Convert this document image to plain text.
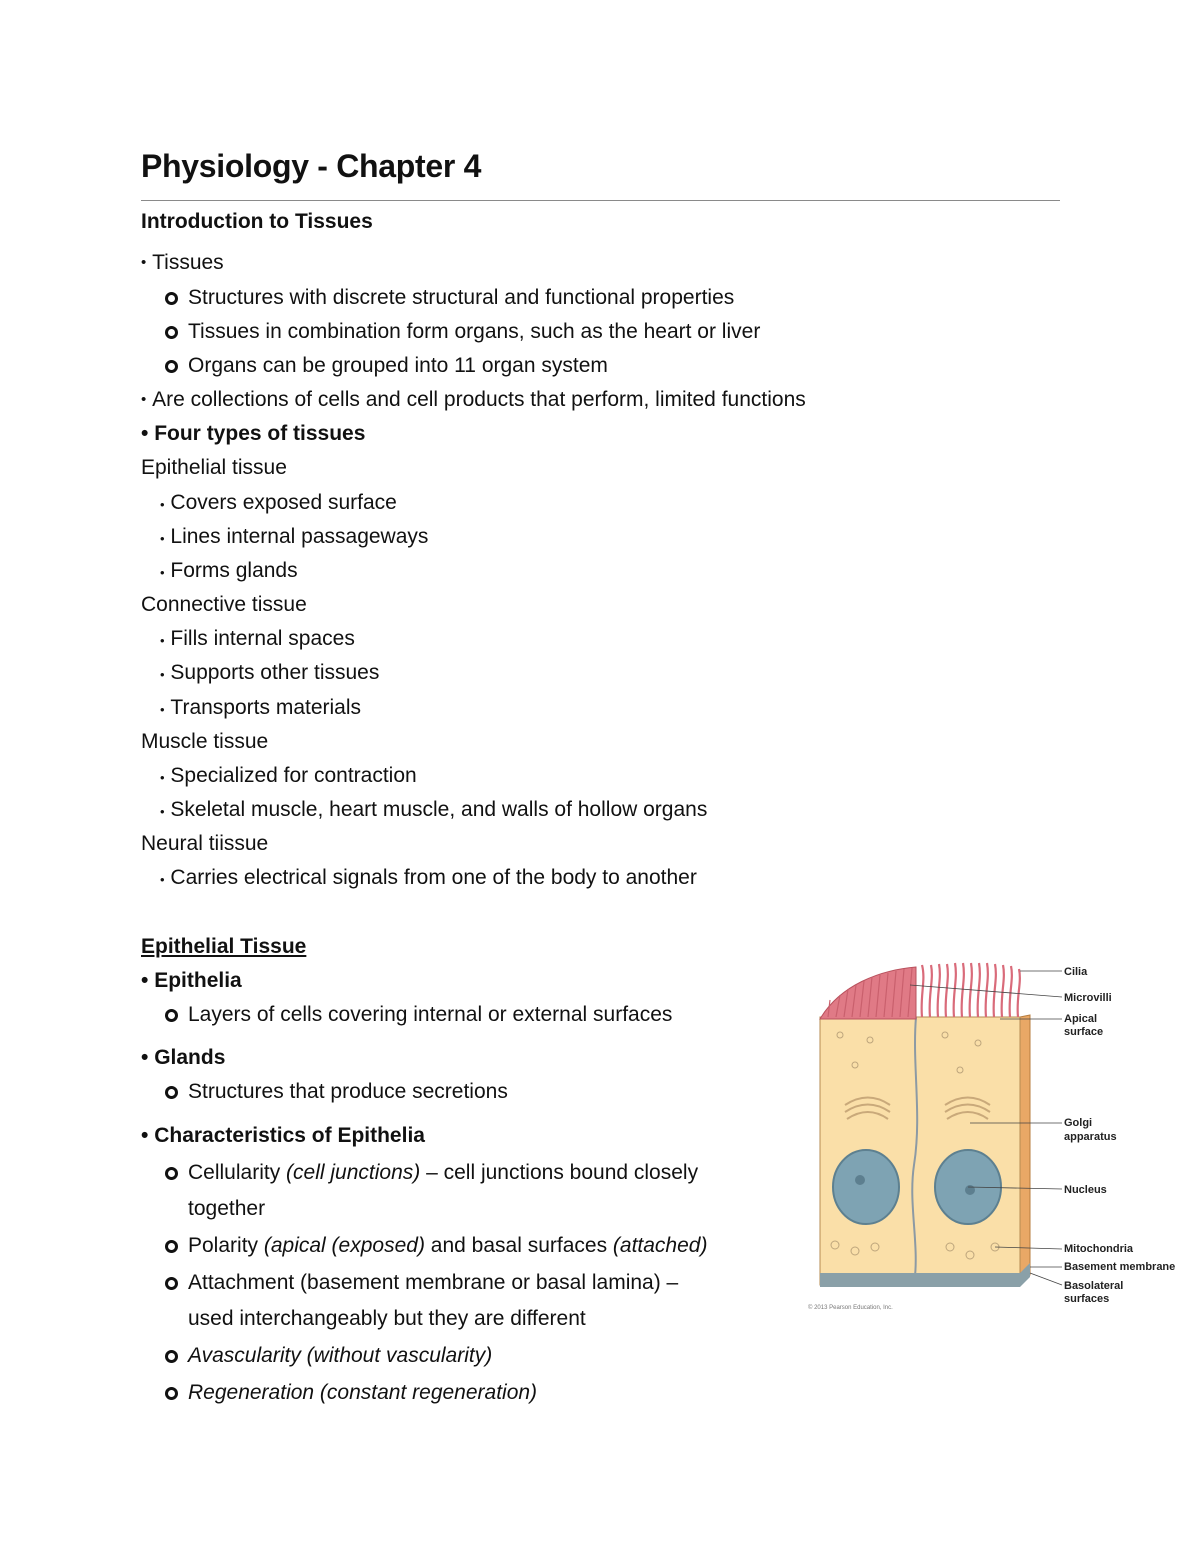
Physiology - Chapter 4
Introduction to Tissues
• Tissues
Structures with discrete structural and functional properties
Tissues in combination form organs, such as the heart or liver
Organs can be grouped into 11 organ system
• Are collections of cells and cell products that perform, limited functions
• Four types of tissues
Epithelial tissue
• Covers exposed surface
• Lines internal passageways
• Forms glands
Connective tissue
• Fills internal spaces
• Supports other tissues
• Transports materials
Muscle tissue
• Specialized for contraction
• Skeletal muscle, heart muscle, and walls of hollow organs
Neural tiissue
• Carries electrical signals from one of the body to another
Epithelial Tissue
• Epithelia
Layers of cells covering internal or external surfaces
• Glands
Structures that produce secretions
• Characteristics of Epithelia
Cellularity (cell junctions) – cell junctions bound closely
together
Polarity (apical (exposed) and basal surfaces (attached)
Attachment (basement membrane or basal lamina) –
used interchangeably but they are different
Avascularity (without vascularity)
Regeneration (constant regeneration)
Cilia
Microvilli
Apical
surface
Golgi
apparatus
Nucleus
Mitochondria
Basement membrane
Basolateral
surfaces
© 2013 Pearson Education, Inc.
